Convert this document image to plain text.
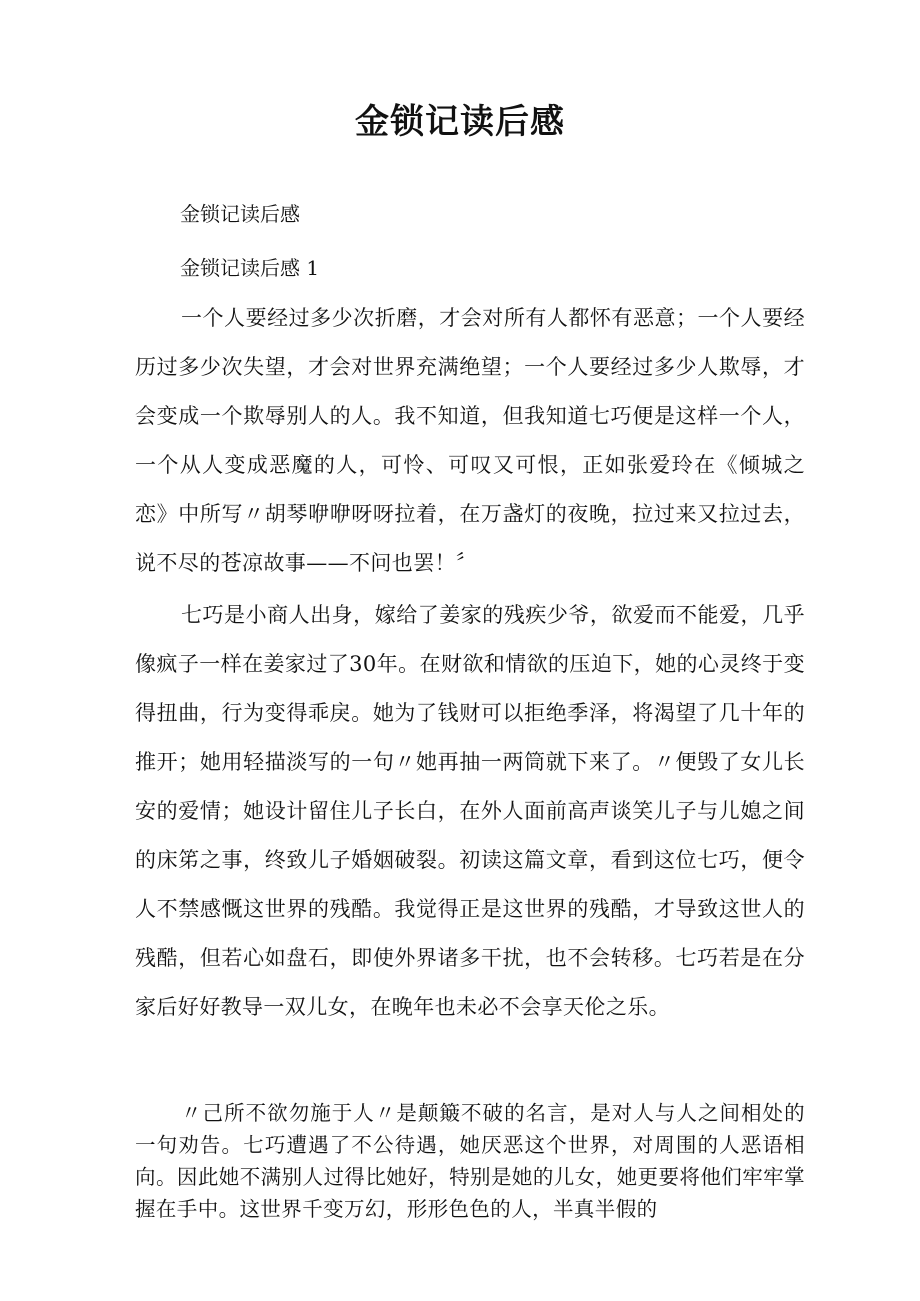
金锁记读后感
金锁记读后感
金锁记读后感 1

一个人要经过多少次折磨，才会对所有人都怀有恶意；一个人要经历过多少次失望，才会对世界充满绝望；一个人要经过多少人欺辱，才会变成一个欺辱别人的人。我不知道，但我知道七巧便是这样一个人，一个从人变成恶魔的人，可怜、可叹又可恨，正如张爱玲在《倾城之恋》中所写〃胡琴咿咿呀呀拉着，在万盏灯的夜晚，拉过来又拉过去，说不尽的苍凉故事——不问也罢！〞

七巧是小商人出身，嫁给了姜家的残疾少爷，欲爱而不能爱，几乎像疯子一样在姜家过了30年。在财欲和情欲的压迫下，她的心灵终于变得扭曲，行为变得乖戾。她为了钱财可以拒绝季泽，将渴望了几十年的推开；她用轻描淡写的一句〃她再抽一两筒就下来了。〃便毁了女儿长安的爱情；她设计留住儿子长白，在外人面前高声谈笑儿子与儿媳之间的床笫之事，终致儿子婚姻破裂。初读这篇文章，看到这位七巧，便令人不禁感慨这世界的残酷。我觉得正是这世界的残酷，才导致这世人的残酷，但若心如盘石，即使外界诸多干扰，也不会转移。七巧若是在分家后好好教导一双儿女，在晚年也未必不会享天伦之乐。

〃己所不欲勿施于人〃是颠簸不破的名言，是对人与人之间相处的一句劝告。七巧遭遇了不公待遇，她厌恶这个世界，对周围的人恶语相向。因此她不满别人过得比她好，特别是她的儿女，她更要将他们牢牢掌握在手中。这世界千变万幻，形形色色的人，半真半假的
